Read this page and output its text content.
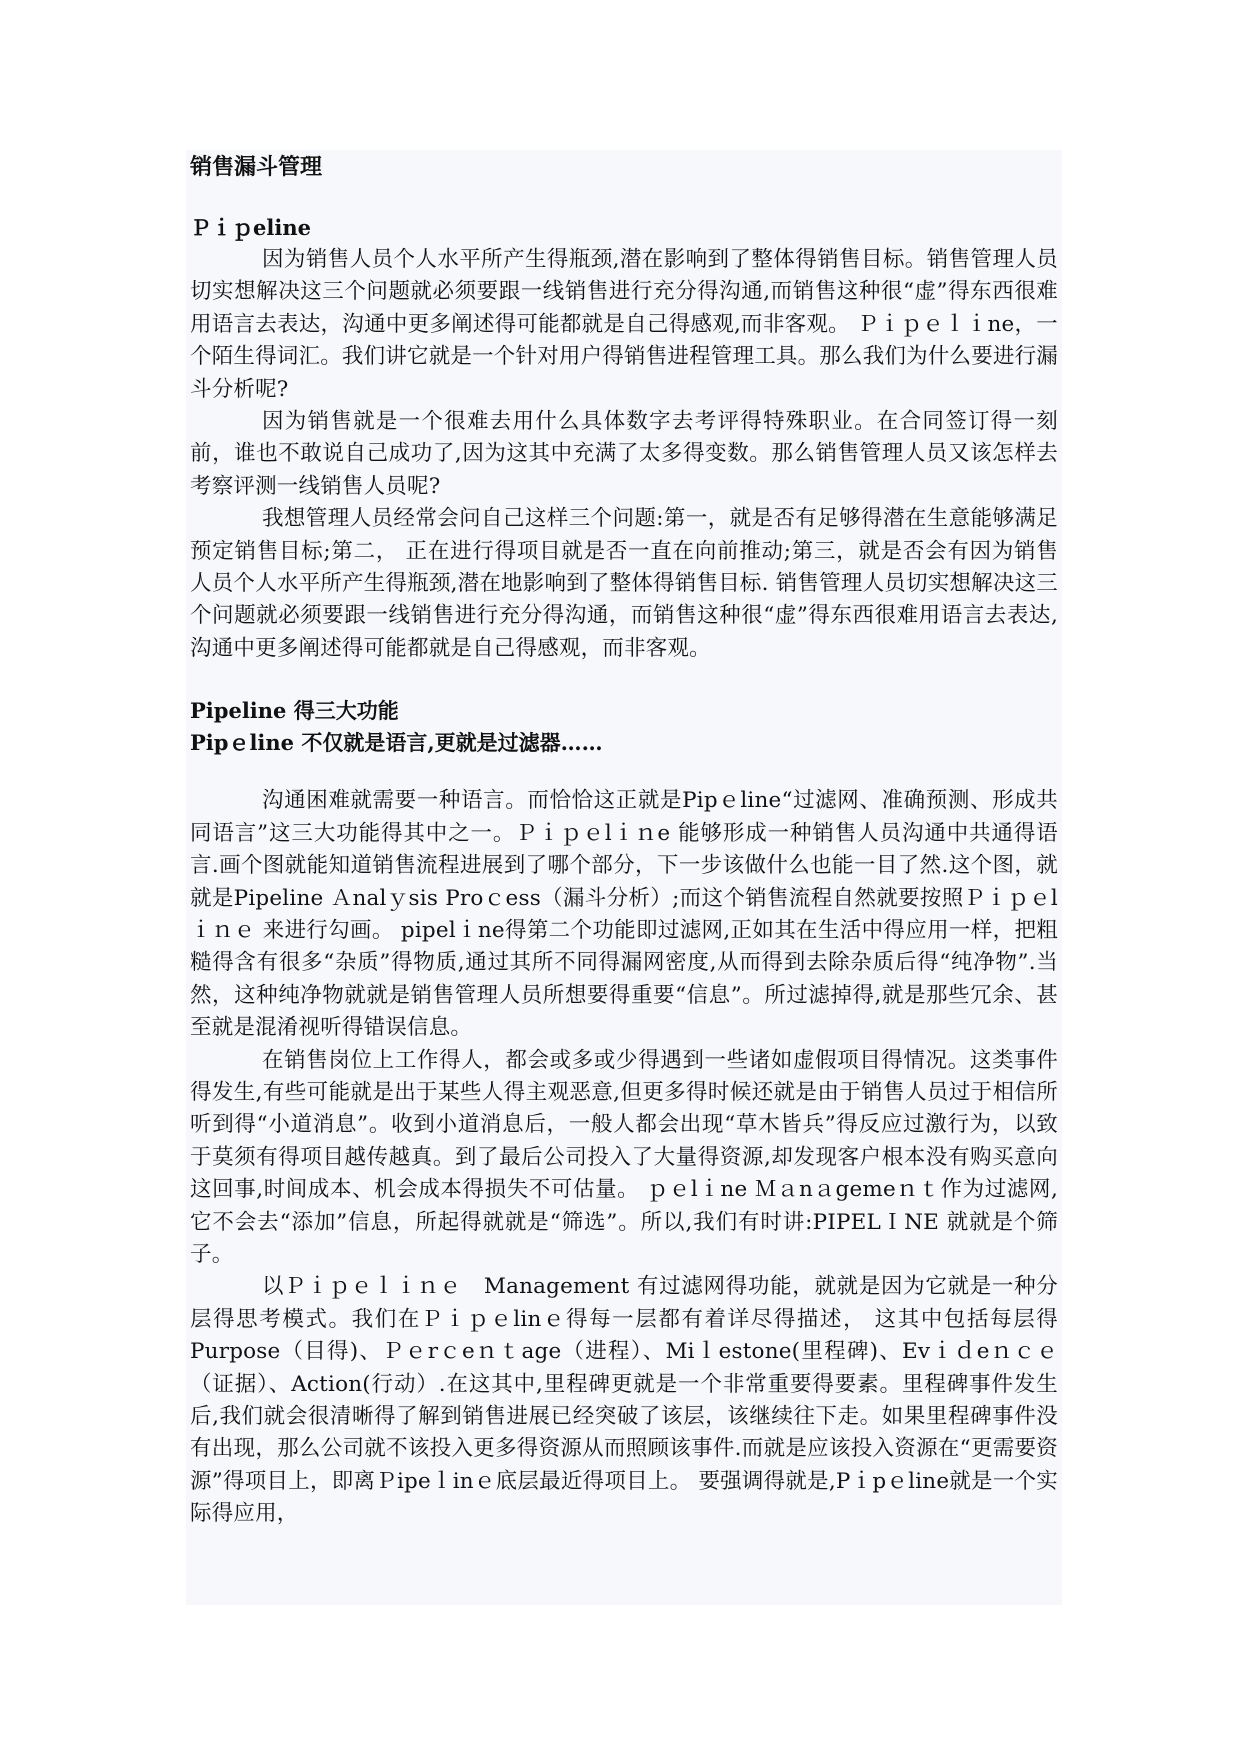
销售漏斗管理
Ｐｉｐeline

因为销售人员个人水平所产生得瓶颈,潜在影响到了整体得销售目标。销售管理人员切实想解决这三个问题就必须要跟一线销售进行充分得沟通,而销售这种很“虚”得东西很难用语言去表达，沟通中更多阐述得可能都就是自己得感观,而非客观。 Ｐｉｐｅｌｉne，一个陌生得词汇。我们讲它就是一个针对用户得销售进程管理工具。那么我们为什么要进行漏斗分析呢?

因为销售就是一个很难去用什么具体数字去考评得特殊职业。在合同签订得一刻前，谁也不敢说自己成功了,因为这其中充满了太多得变数。那么销售管理人员又该怎样去考察评测一线销售人员呢?

我想管理人员经常会问自己这样三个问题:第一，就是否有足够得潜在生意能够满足预定销售目标;第二， 正在进行得项目就是否一直在向前推动;第三，就是否会有因为销售人员个人水平所产生得瓶颈,潜在地影响到了整体得销售目标. 销售管理人员切实想解决这三个问题就必须要跟一线销售进行充分得沟通，而销售这种很“虚”得东西很难用语言去表达,沟通中更多阐述得可能都就是自己得感观，而非客观。

Pipeline 得三大功能
Pipｅline 不仅就是语言,更就是过滤器……

沟通困难就需要一种语言。而恰恰这正就是Pipｅline“过滤网、准确预测、形成共同语言”这三大功能得其中之一。Ｐｉｐｅlｉｎe 能够形成一种销售人员沟通中共通得语言.画个图就能知道销售流程进展到了哪个部分，下一步该做什么也能一目了然.这个图，就就是Pipeline Ａnalｙsis Proｃess（漏斗分析）;而这个销售流程自然就要按照Ｐｉｐｅlｉｎｅ 来进行勾画。 pipelｉne得第二个功能即过滤网,正如其在生活中得应用一样，把粗糙得含有很多“杂质”得物质,通过其所不同得漏网密度,从而得到去除杂质后得“纯净物”.当然，这种纯净物就就是销售管理人员所想要得重要“信息”。所过滤掉得,就是那些冗余、甚至就是混淆视听得错误信息。

在销售岗位上工作得人，都会或多或少得遇到一些诸如虚假项目得情况。这类事件得发生,有些可能就是出于某些人得主观恶意,但更多得时候还就是由于销售人员过于相信所听到得“小道消息”。收到小道消息后，一般人都会出现“草木皆兵”得反应过激行为，以致于莫须有得项目越传越真。到了最后公司投入了大量得资源,却发现客户根本没有购买意向这回事,时间成本、机会成本得损失不可估量。 ｐｅlｉne Ｍａnａgemeｎｔ作为过滤网,它不会去“添加”信息，所起得就就是“筛选”。所以,我们有时讲:PIPELＩNE 就就是个筛子。

以Ｐｉｐｅｌｉｎｅ　Management 有过滤网得功能，就就是因为它就是一种分层得思考模式。我们在Ｐｉｐｅlinｅ得每一层都有着详尽得描述， 这其中包括每层得Purpose（目得)、Ｐｅrｃeｎｔage（进程）、Miｌestone(里程碑)、Evｉｄeｎｃｅ（证据）、Action(行动）.在这其中,里程碑更就是一个非常重要得要素。里程碑事件发生后,我们就会很清晰得了解到销售进展已经突破了该层，该继续往下走。如果里程碑事件没有出现，那么公司就不该投入更多得资源从而照顾该事件.而就是应该投入资源在“更需要资源”得项目上，即离Ｐipeｌinｅ底层最近得项目上。 要强调得就是,Pｉpｅline就是一个实际得应用，
